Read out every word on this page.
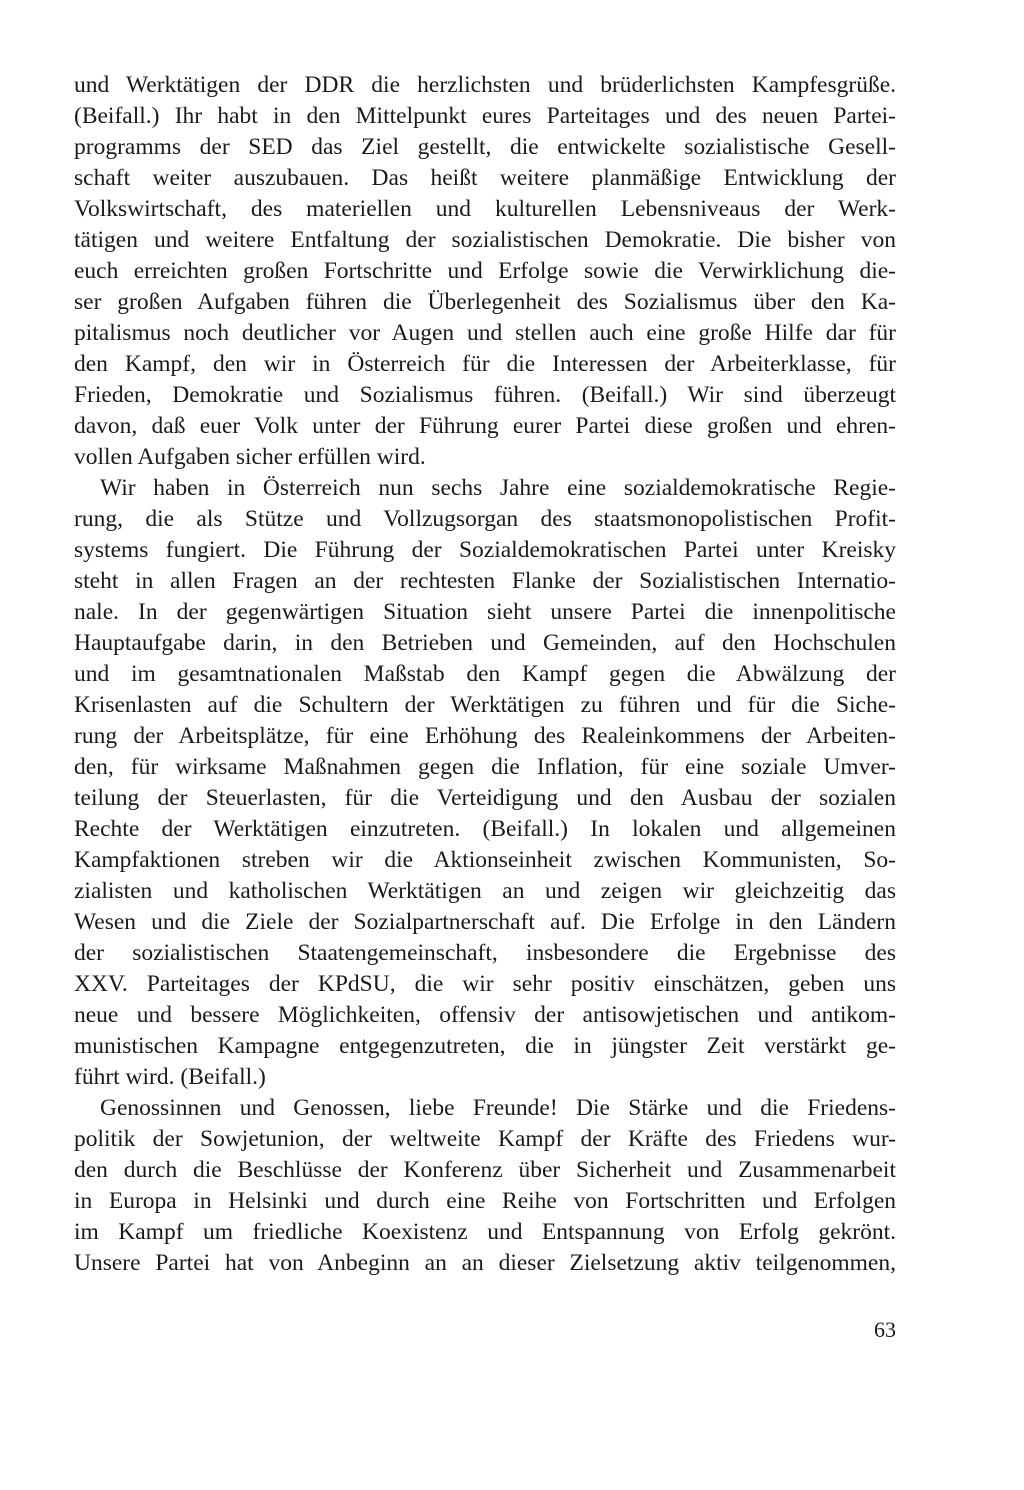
und Werktätigen der DDR die herzlichsten und brüderlichsten Kampfesgrüße.
(Beifall.) Ihr habt in den Mittelpunkt eures Parteitages und des neuen Partei-
programms der SED das Ziel gestellt, die entwickelte sozialistische Gesell-
schaft weiter auszubauen. Das heißt weitere planmäßige Entwicklung der
Volkswirtschaft, des materiellen und kulturellen Lebensniveaus der Werk-
tätigen und weitere Entfaltung der sozialistischen Demokratie. Die bisher von
euch erreichten großen Fortschritte und Erfolge sowie die Verwirklichung die-
ser großen Aufgaben führen die Überlegenheit des Sozialismus über den Ka-
pitalismus noch deutlicher vor Augen und stellen auch eine große Hilfe dar für
den Kampf, den wir in Österreich für die Interessen der Arbeiterklasse, für
Frieden, Demokratie und Sozialismus führen. (Beifall.) Wir sind überzeugt
davon, daß euer Volk unter der Führung eurer Partei diese großen und ehren-
vollen Aufgaben sicher erfüllen wird.
Wir haben in Österreich nun sechs Jahre eine sozialdemokratische Regie-
rung, die als Stütze und Vollzugsorgan des staatsmonopolistischen Profit-
systems fungiert. Die Führung der Sozialdemokratischen Partei unter Kreisky
steht in allen Fragen an der rechtesten Flanke der Sozialistischen Internatio-
nale. In der gegenwärtigen Situation sieht unsere Partei die innenpolitische
Hauptaufgabe darin, in den Betrieben und Gemeinden, auf den Hochschulen
und im gesamtnationalen Maßstab den Kampf gegen die Abwälzung der
Krisenlasten auf die Schultern der Werktätigen zu führen und für die Siche-
rung der Arbeitsplätze, für eine Erhöhung des Realeinkommens der Arbeiten-
den, für wirksame Maßnahmen gegen die Inflation, für eine soziale Umver-
teilung der Steuerlasten, für die Verteidigung und den Ausbau der sozialen
Rechte der Werktätigen einzutreten. (Beifall.) In lokalen und allgemeinen
Kampfaktionen streben wir die Aktionseinheit zwischen Kommunisten, So-
zialisten und katholischen Werktätigen an und zeigen wir gleichzeitig das
Wesen und die Ziele der Sozialpartnerschaft auf. Die Erfolge in den Ländern
der sozialistischen Staatengemeinschaft, insbesondere die Ergebnisse des
XXV. Parteitages der KPdSU, die wir sehr positiv einschätzen, geben uns
neue und bessere Möglichkeiten, offensiv der antisowjetischen und antikom-
munistischen Kampagne entgegenzutreten, die in jüngster Zeit verstärkt ge-
führt wird. (Beifall.)
Genossinnen und Genossen, liebe Freunde! Die Stärke und die Friedens-
politik der Sowjetunion, der weltweite Kampf der Kräfte des Friedens wur-
den durch die Beschlüsse der Konferenz über Sicherheit und Zusammenarbeit
in Europa in Helsinki und durch eine Reihe von Fortschritten und Erfolgen
im Kampf um friedliche Koexistenz und Entspannung von Erfolg gekrönt.
Unsere Partei hat von Anbeginn an an dieser Zielsetzung aktiv teilgenommen,
63
